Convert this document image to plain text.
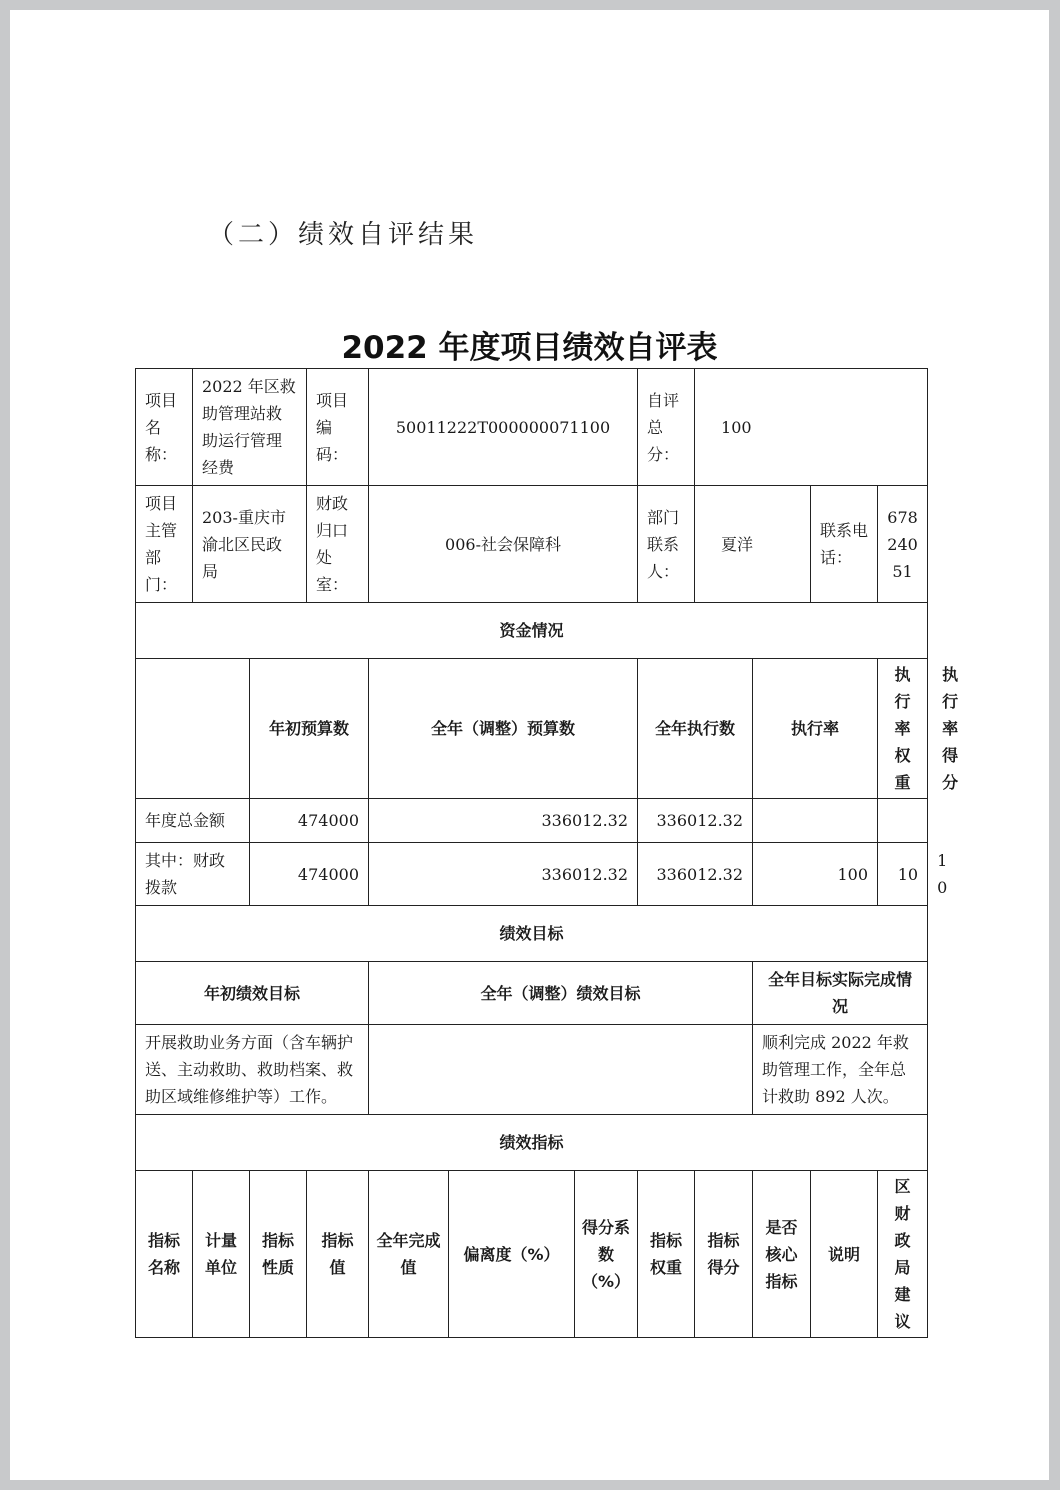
（二）绩效自评结果
2022 年度项目绩效自评表
项目名称：	2022 年区救助管理站救助运行管理经费		项目编码：	50011222T000000071100			自评总分：	100				
项目主管部门：	203-重庆市渝北区民政局		财政归口处室：	006-社会保障科			部门联系人：	夏洋		联系电话：	67824051	
资金情况												
		年初预算数		全年（调整）预算数			全年执行数		执行率		执行率权重	执行率得分
年度总金额		474000		336012.32			336012.32					
其中：财政拨款		474000		336012.32			336012.32		100		10	10
绩效目标												
年初绩效目标				全年（调整）绩效目标					全年目标实际完成情况			
开展救助业务方面（含车辆护送、主动救助、救助档案、救助区域维修维护等）工作。									顺利完成 2022 年救助管理工作，全年总计救助 892 人次。			
绩效指标												
指标名称	计量单位	指标性质	指标值	全年完成值	偏离度（%）	得分系数（%）	指标权重	指标得分	是否核心指标	说明	区财政局建议	
